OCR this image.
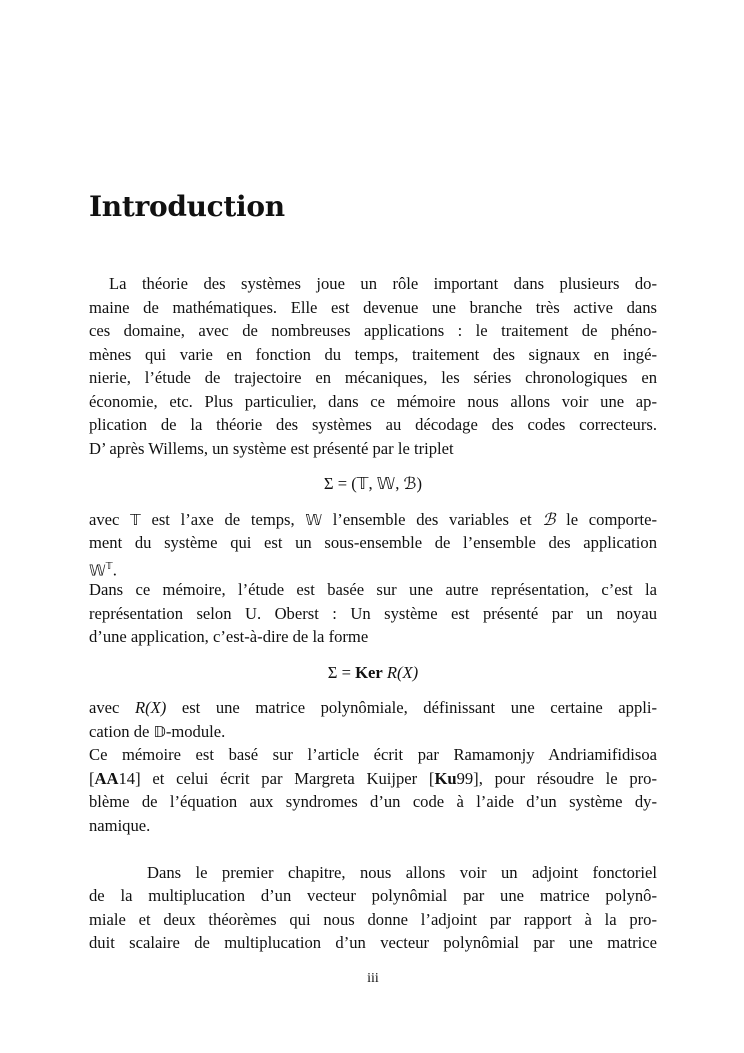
Introduction
La théorie des systèmes joue un rôle important dans plusieurs do-
maine de mathématiques. Elle est devenue une branche très active dans
ces domaine, avec de nombreuses applications : le traitement de phéno-
mènes qui varie en fonction du temps, traitement des signaux en ingé-
nierie, l’étude de trajectoire en mécaniques, les séries chronologiques en
économie, etc. Plus particulier, dans ce mémoire nous allons voir une ap-
plication de la théorie des systèmes au décodage des codes correcteurs.
D’ après Willems, un système est présenté par le triplet
Σ = (𝕋, 𝕎, ℬ)
avec 𝕋 est l’axe de temps, 𝕎 l’ensemble des variables et ℬ le comporte-
ment du système qui est un sous-ensemble de l’ensemble des application
𝕎$^𝕋$.
Dans ce mémoire, l’étude est basée sur une autre représentation, c’est la
représentation selon U. Oberst : Un système est présenté par un noyau
d’une application, c’est-à-dire de la forme
Σ = Ker R(X)
avec R(X) est une matrice polynômiale, définissant une certaine appli-
cation de 𝔻-module.
Ce mémoire est basé sur l’article écrit par Ramamonjy Andriamifidisoa
[AA14] et celui écrit par Margreta Kuijper [Ku99], pour résoudre le pro-
blème de l’équation aux syndromes d’un code à l’aide d’un système dy-
namique.
Dans le premier chapitre, nous allons voir un adjoint fonctoriel
de la multiplucation d’un vecteur polynômial par une matrice polynô-
miale et deux théorèmes qui nous donne l’adjoint par rapport à la pro-
duit scalaire de multiplucation d’un vecteur polynômial par une matrice
iii
